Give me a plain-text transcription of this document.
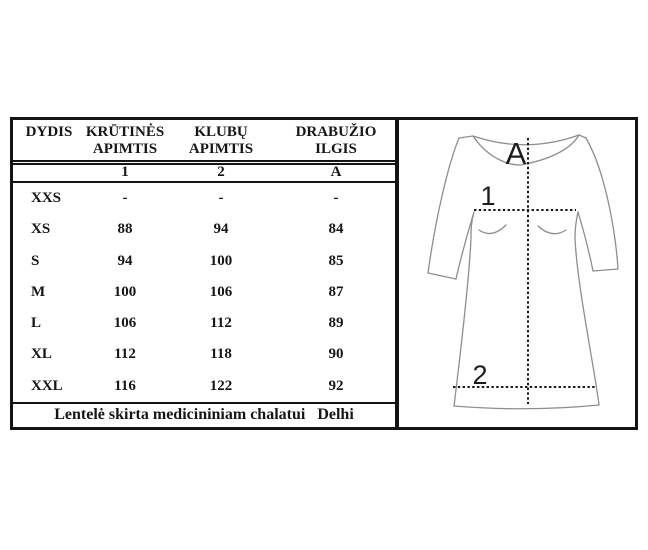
DYDIS	KRŪTINĖS APIMTIS	KLUBŲ APIMTIS	DRABUŽIO ILGIS
	1	2	A
XXS	-	-	-
XS	88	94	84
S	94	100	85
M	100	106	87
L	106	112	89
XL	112	118	90
XXL	116	122	92
Lentelė skirta medicininiam chalatui Delhi			
A
1
2
